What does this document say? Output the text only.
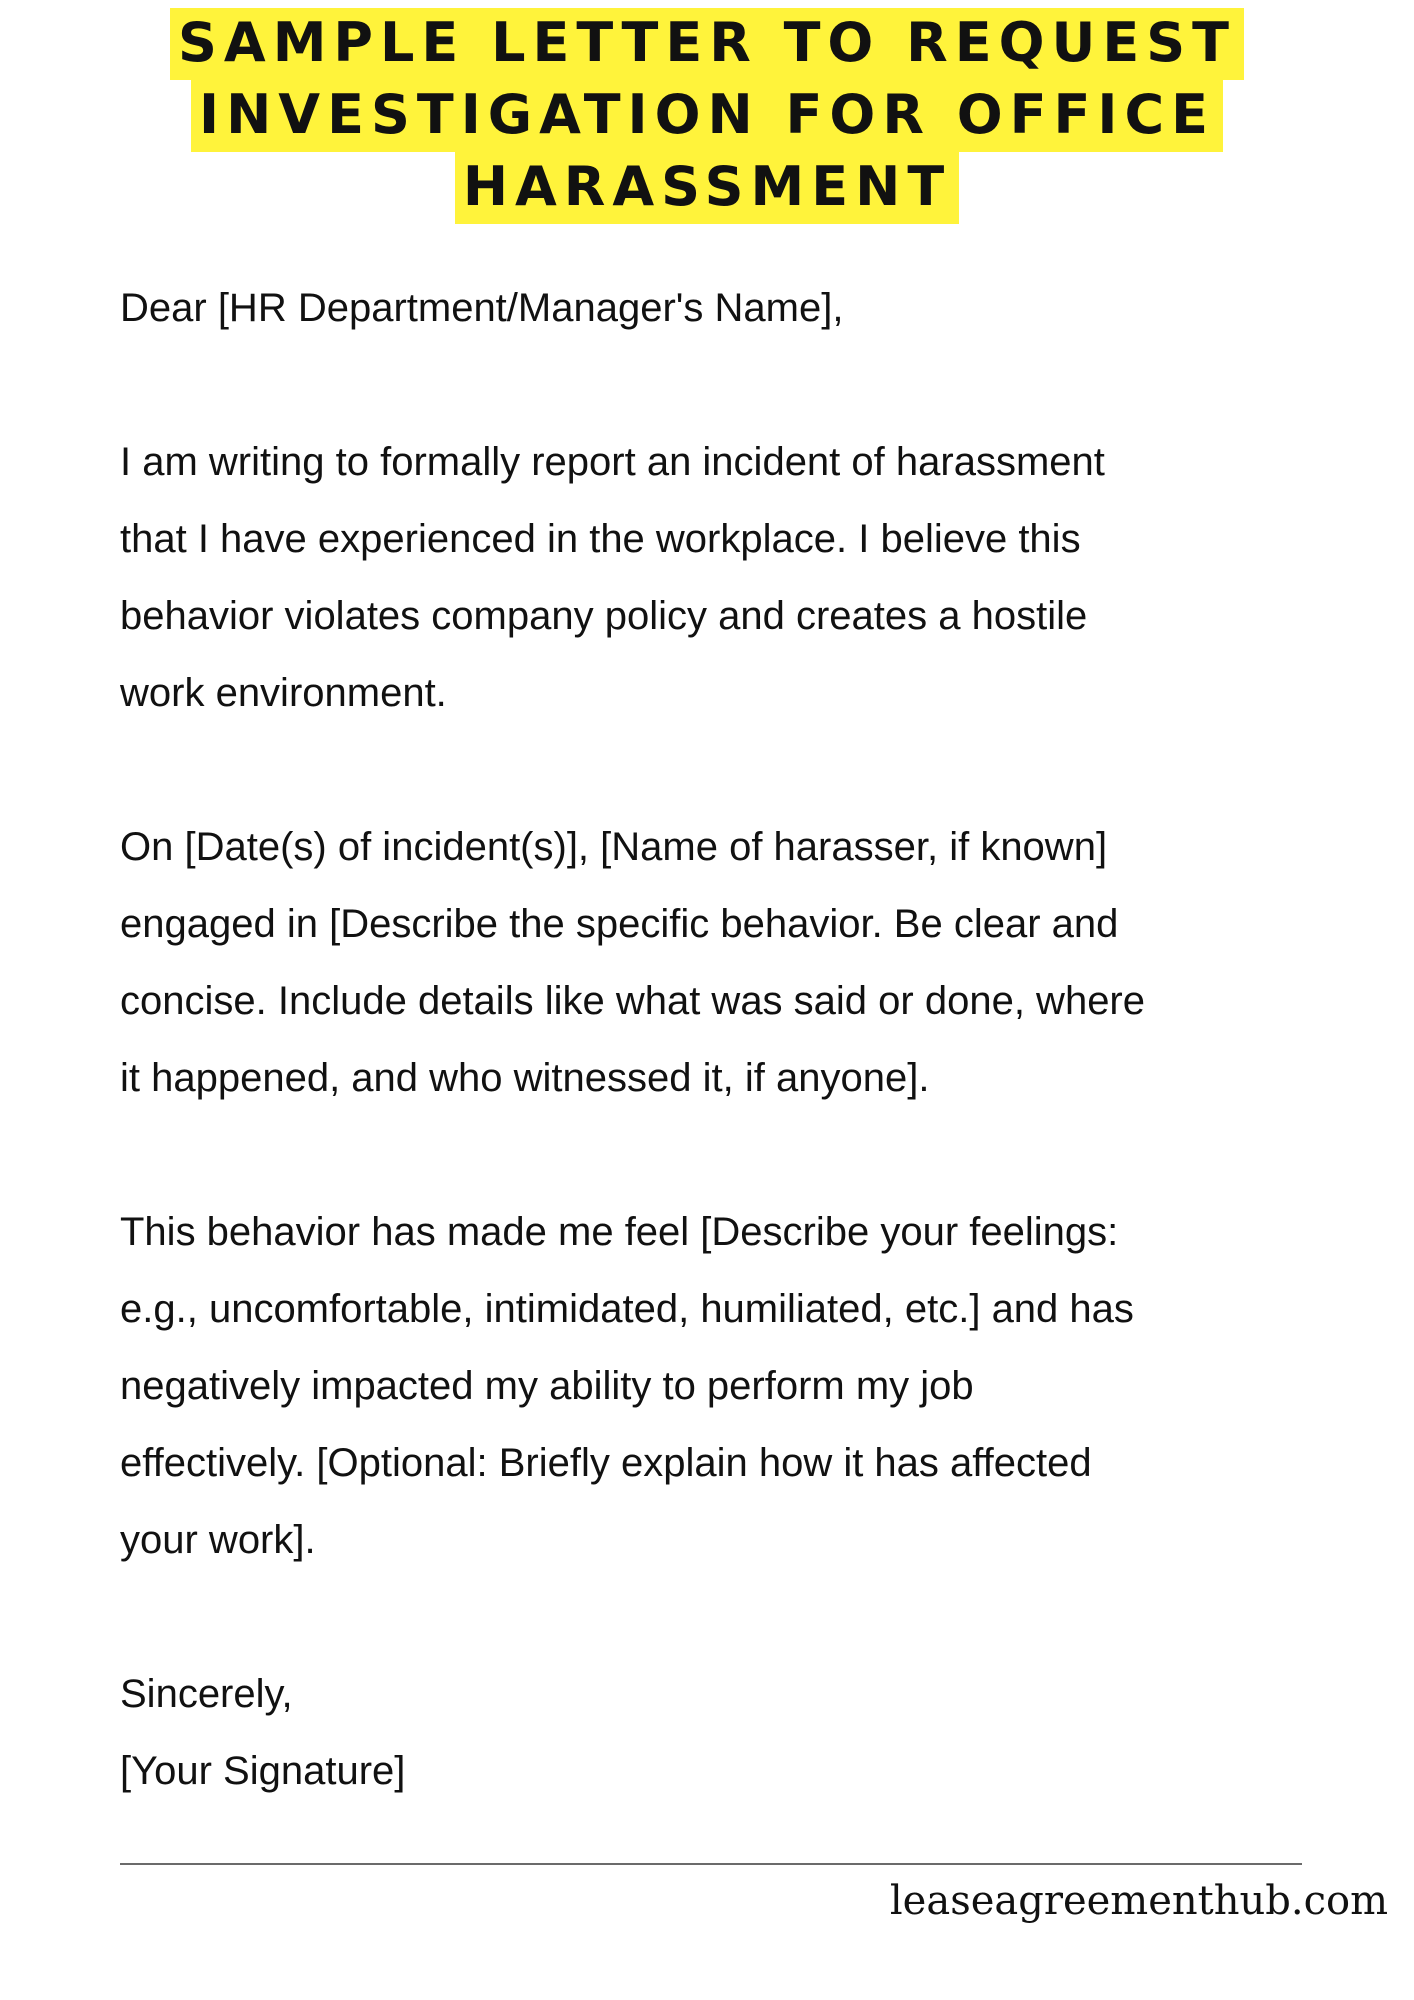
SAMPLE LETTER TO REQUEST
INVESTIGATION FOR OFFICE
HARASSMENT

Dear [HR Department/Manager's Name],

I am writing to formally report an incident of harassment

that I have experienced in the workplace. I believe this

behavior violates company policy and creates a hostile

work environment.

On [Date(s) of incident(s)], [Name of harasser, if known]

engaged in [Describe the specific behavior. Be clear and

concise. Include details like what was said or done, where

it happened, and who witnessed it, if anyone].

This behavior has made me feel [Describe your feelings:

e.g., uncomfortable, intimidated, humiliated, etc.] and has

negatively impacted my ability to perform my job

effectively. [Optional: Briefly explain how it has affected

your work].

Sincerely,

[Your Signature]

leaseagreementhub.com
